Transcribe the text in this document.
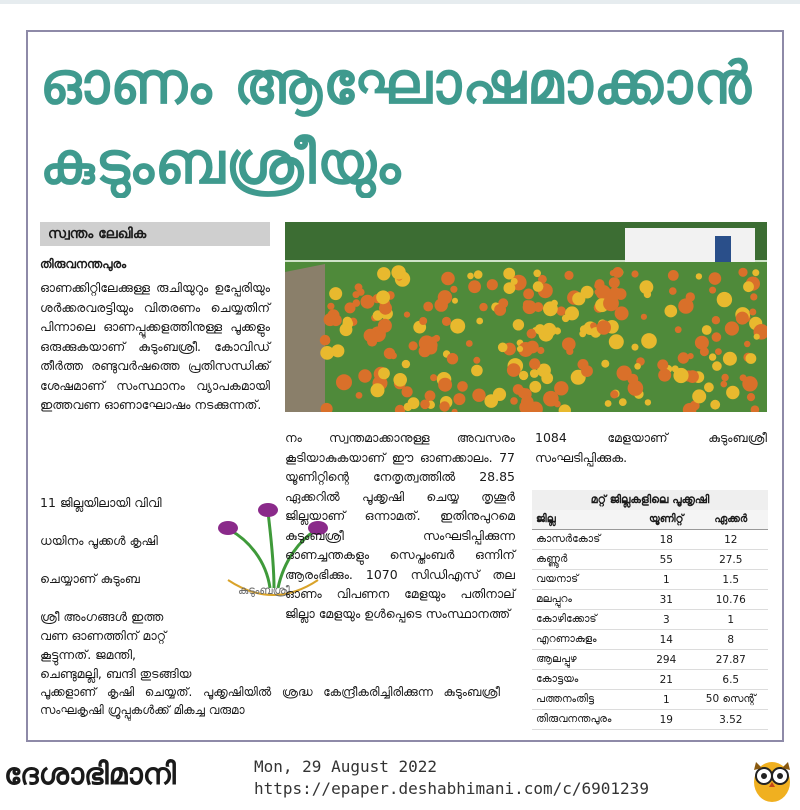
ഓണം ആഘോഷമാക്കാൻ
കുടുംബശ്രീയും
സ്വന്തം ലേഖിക
തിരുവനന്തപുരം

ഓണക്കിറ്റിലേക്കുള്ള രുചിയുറും ഉപ്പേരിയും ശർക്കരവരട്ടിയും വിതരണം ചെയ്യതിന് പിന്നാലെ ഓണപ്പൂക്കളത്തിനുള്ള പൂക്കളും ഒരുക്കുകയാണ് കുടുംബശ്രീ. കോവിഡ് തീർത്ത രണ്ടുവർഷത്തെ പ്രതിസന്ധിക്ക് ശേഷമാണ് സംസ്ഥാനം വ്യാപകമായി ഇത്തവണ ഓണാഘോഷം നടക്കുന്നത്.

11 ജില്ലയിലായി വിവി

ധയിനം പൂക്കൾ കൃഷി

ചെയ്യാണ് കുടുംബ

ശ്രീ അംഗങ്ങൾ ഇത്ത

വണ ഓണത്തിന് മാറ്റ്

കൂട്ടുന്നത്. ജമന്തി,

ചെണ്ടുമല്ലി, ബന്ദി തുടങ്ങിയ

പൂക്കളാണ് കൃഷി ചെയ്യത്. പൂക്കൃഷിയിൽ ശ്രദ്ധ കേന്ദ്രീകരിച്ചിരിക്കുന്ന കുടുംബശ്രീ സംഘകൃഷി ഗ്രൂപ്പുകൾക്ക് മികച്ച വരുമാ

കുടുംബശ്രീ

നം സ്വന്തമാക്കാനുള്ള അവസരം കൂടിയാകുകയാണ് ഈ ഓണക്കാലം. 77 യൂണിറ്റിന്റെ നേതൃത്വത്തിൽ 28.85 ഏക്കറിൽ പൂക്കൃഷി ചെയ്യ തൃശൂർ ജില്ലയാണ് ഒന്നാമത്. ഇതിനുപുറമെ കുടുംബശ്രീ സംഘടിപ്പിക്കുന്ന ഓണച്ചന്തകളും സെപ്തംബർ ഒന്നിന് ആരംഭിക്കും. 1070 സിഡിഎസ് തല ഓണം വിപണന മേളയും പതിനാല് ജില്ലാ മേളയും ഉൾപ്പെടെ സംസ്ഥാനത്ത്

1084 മേളയാണ് കുടുംബശ്രീ സംഘടിപ്പിക്കുക.

മറ്റ് ജില്ലകളിലെ പൂക്കൃഷി
ജില്ല	യൂണിറ്റ്	ഏക്കർ
കാസർകോട്	18	12
കണ്ണൂർ	55	27.5
വയനാട്	1	1.5
മലപ്പുറം	31	10.76
കോഴിക്കോട്	3	1
എറണാകുളം	14	8
ആലപ്പുഴ	294	27.87
കോട്ടയം	21	6.5
പത്തനംതിട്ട	1	50 സെന്റ്
തിരുവനന്തപുരം	19	3.52
ദേശാഭിമാനി	Mon, 29 August 2022
https://epaper.deshabhimani.com/c/6901239
